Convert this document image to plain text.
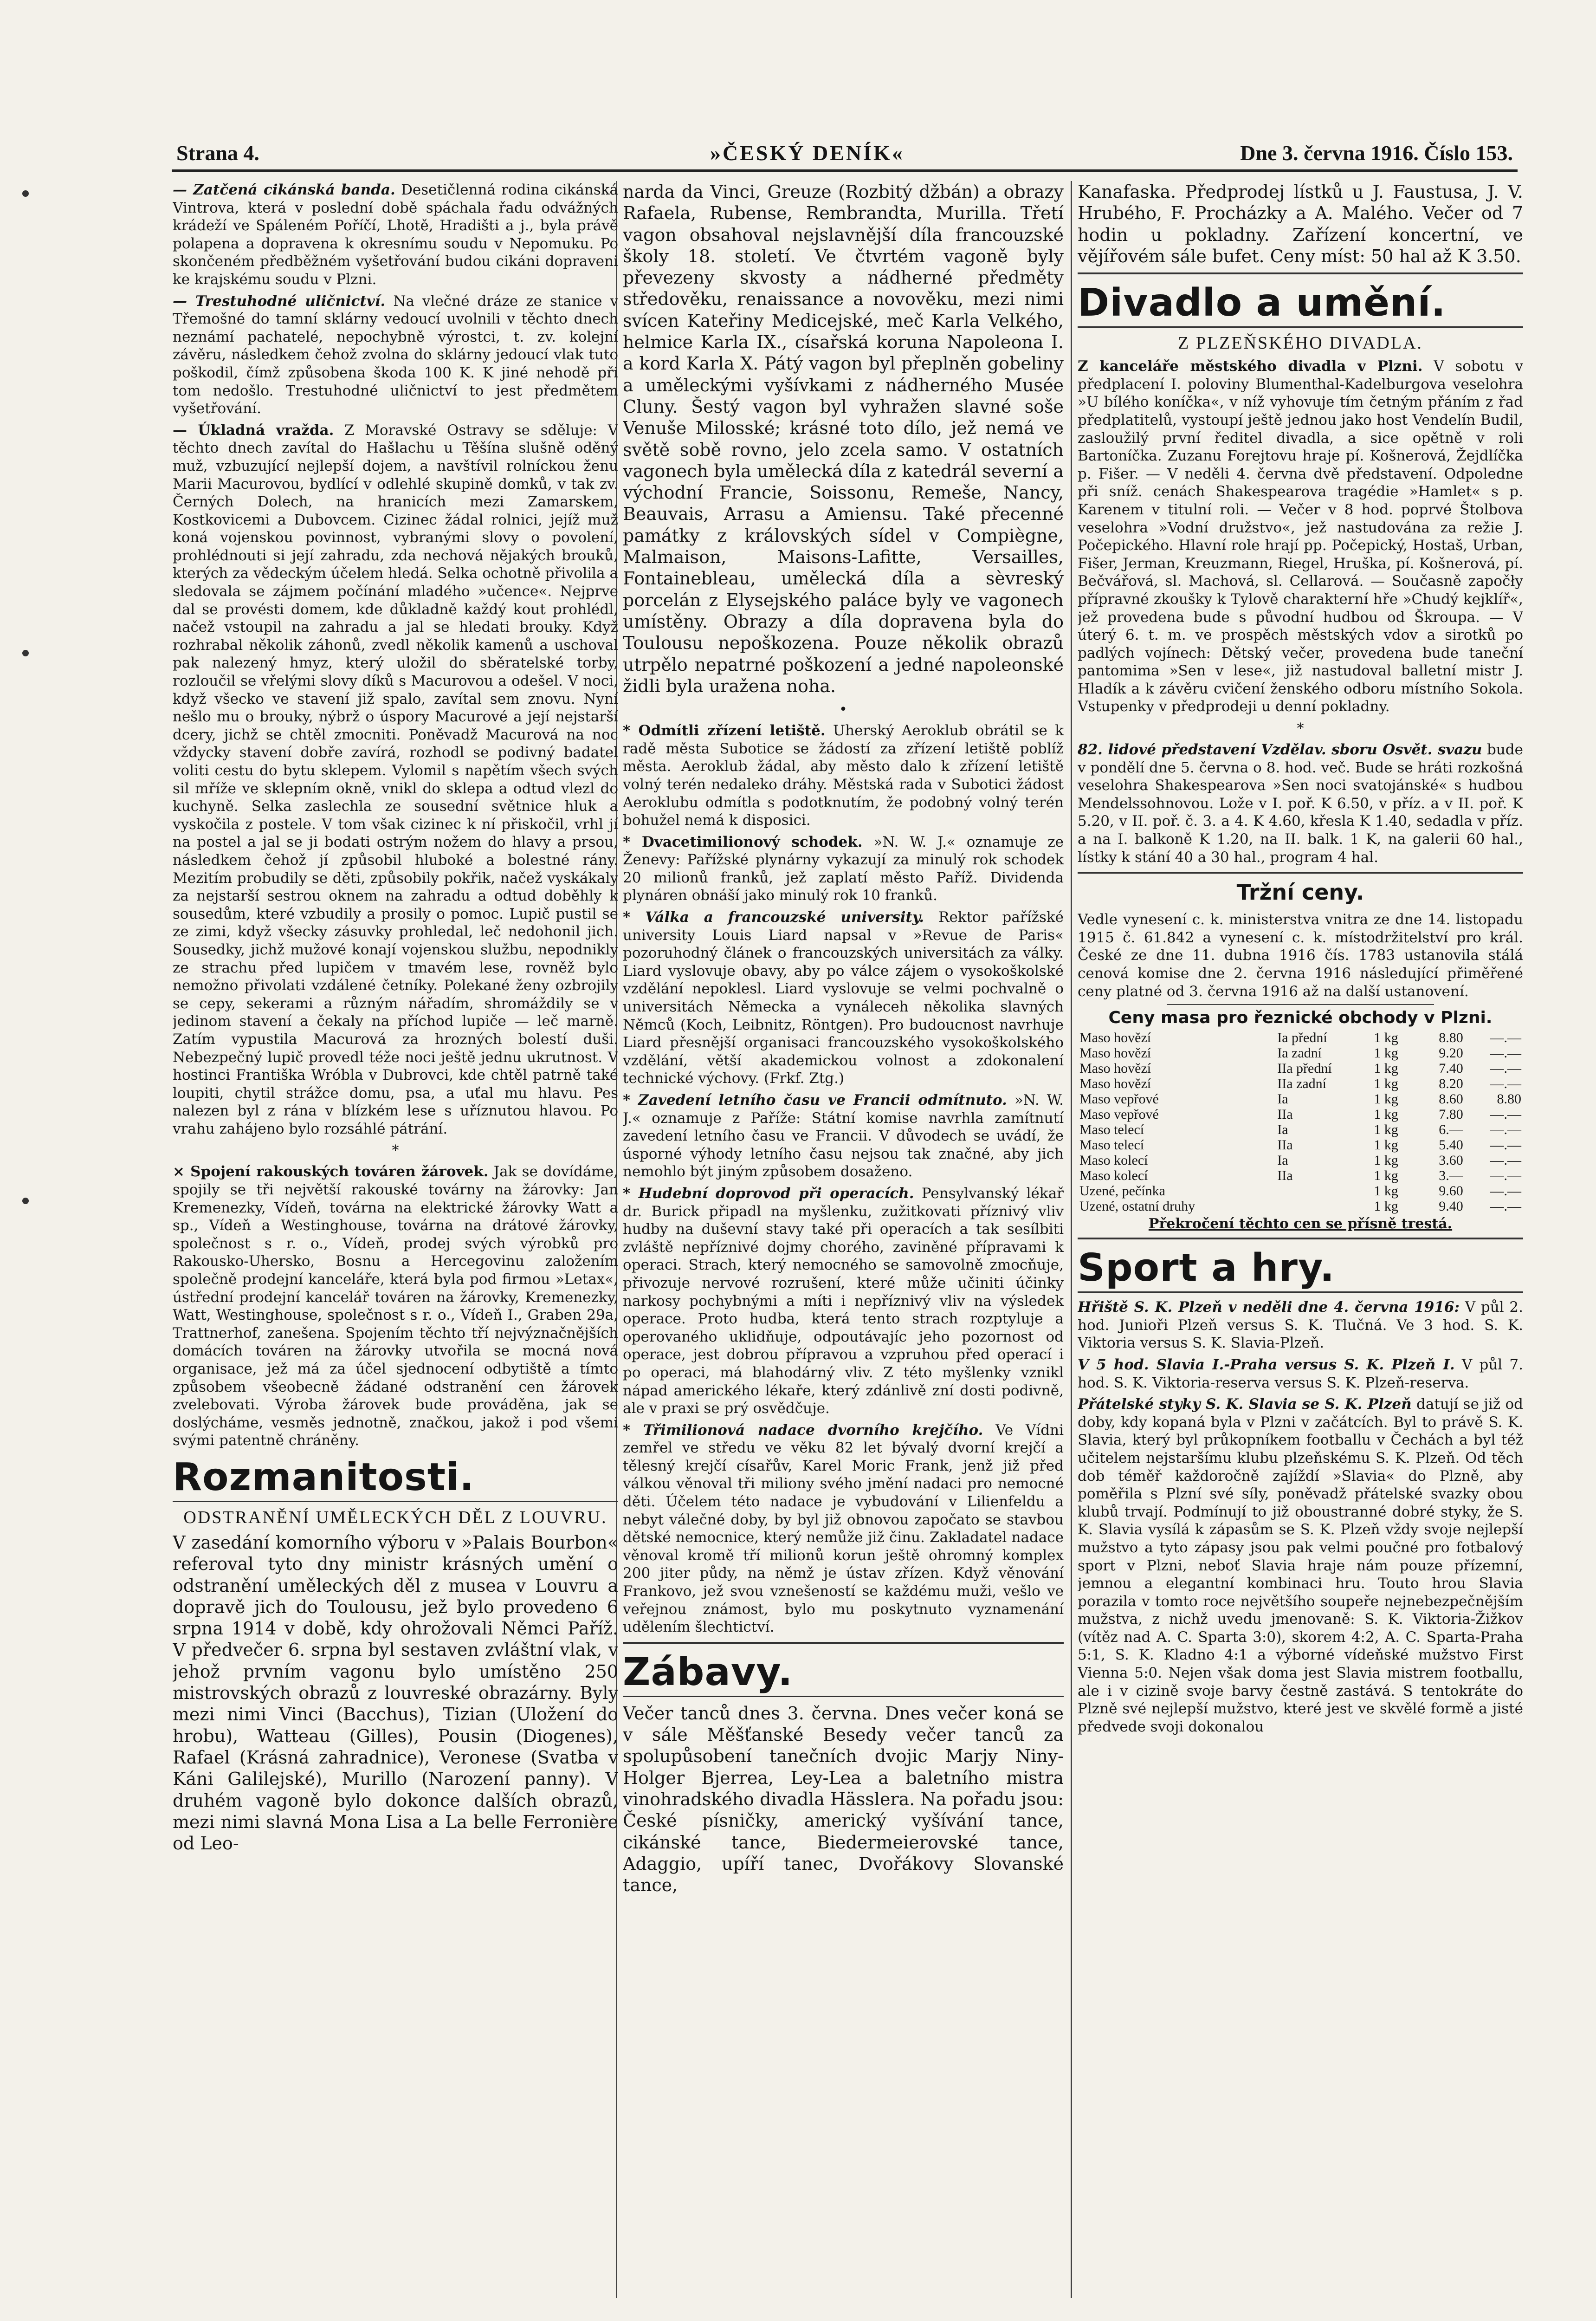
Strana 4.	»ČESKÝ DENÍK«	Dne 3. června 1916. Číslo 153.

— Zatčená cikánská banda. Desetičlenná rodina cikánská Vintrova, která v poslední době spáchala řadu odvážných krádeží ve Spáleném Poříčí, Lhotě, Hradišti a j., byla právě polapena a dopravena k okresnímu soudu v Nepomuku. Po skončeném předběžném vyšetřování budou cikáni dopraveni ke krajskému soudu v Plzni.

— Trestuhodné uličnictví. Na vlečné dráze ze stanice v Třemošné do tamní sklárny vedoucí uvolnili v těchto dnech neznámí pachatelé, nepochybně výrostci, t. zv. kolejní závěru, následkem čehož zvolna do sklárny jedoucí vlak tuto poškodil, čímž způsobena škoda 100 K. K jiné nehodě při tom nedošlo. Trestuhodné uličnictví to jest předmětem vyšetřování.

— Úkladná vražda. Z Moravské Ostravy se sděluje: V těchto dnech zavítal do Hašlachu u Těšína slušně oděný muž, vzbuzující nejlepší dojem, a navštívil rolníckou ženu Marii Macurovou, bydlící v odlehlé skupině domků, v tak zv. Černých Dolech, na hranicích mezi Zamarskem, Kostkovicemi a Dubovcem. Cizinec žádal rolnici, jejíž muž koná vojenskou povinnost, vybranými slovy o povolení, prohlédnouti si její zahradu, zda nechová nějakých brouků, kterých za vědeckým účelem hledá. Selka ochotně přivolila a sledovala se zájmem počínání mladého »učence«. Nejprve dal se provésti domem, kde důkladně každý kout prohlédl, načež vstoupil na zahradu a jal se hledati brouky. Když rozhrabal několik záhonů, zvedl několik kamenů a uschoval pak nalezený hmyz, který uložil do sběratelské torby, rozloučil se vřelými slovy díků s Macurovou a odešel. V noci, když všecko ve stavení již spalo, zavítal sem znovu. Nyní nešlo mu o brouky, nýbrž o úspory Macurové a její nejstarší dcery, jichž se chtěl zmocniti. Poněvadž Macurová na noc vždycky stavení dobře zavírá, rozhodl se podivný badatel voliti cestu do bytu sklepem. Vylomil s napětím všech svých sil mříže ve sklepním okně, vnikl do sklepa a odtud vlezl do kuchyně. Selka zaslechla ze sousední světnice hluk a vyskočila z postele. V tom však cizinec k ní přiskočil, vrhl jí na postel a jal se ji bodati ostrým nožem do hlavy a prsou, následkem čehož jí způsobil hluboké a bolestné rány. Mezitím probudily se děti, způsobily pokřik, načež vyskákaly za nejstarší sestrou oknem na zahradu a odtud doběhly k sousedům, které vzbudily a prosily o pomoc. Lupič pustil se ze zimi, když všecky zásuvky prohledal, leč nedohonil jich. Sousedky, jichž mužové konají vojenskou službu, nepodnikly ze strachu před lupičem v tmavém lese, rovněž bylo nemožno přivolati vzdálené četníky. Polekané ženy ozbrojily se cepy, sekerami a různým nářadím, shromáždily se v jedinom stavení a čekaly na příchod lupiče — leč marně. Zatím vypustila Macurová za hrozných bolestí duši. Nebezpečný lupič provedl téže noci ještě jednu ukrutnost. V hostinci Františka Wróbla v Dubrovci, kde chtěl patrně také loupiti, chytil strážce domu, psa, a uťal mu hlavu. Pes nalezen byl z rána v blízkém lese s uříznutou hlavou. Po vrahu zahájeno bylo rozsáhlé pátrání.

*

× Spojení rakouských továren žárovek. Jak se dovídáme, spojily se tři největší rakouské továrny na žárovky: Jan Kremenezky, Vídeň, továrna na elektrické žárovky Watt a sp., Vídeň a Westinghouse, továrna na drátové žárovky, společnost s r. o., Vídeň, prodej svých výrobků pro Rakousko-Uhersko, Bosnu a Hercegovinu založením společně prodejní kanceláře, která byla pod firmou »Letax«, ústřední prodejní kancelář továren na žárovky, Kremenezky, Watt, Westinghouse, společnost s r. o., Vídeň I., Graben 29a, Trattnerhof, zanešena. Spojením těchto tří nejvýznačnějších domácích továren na žárovky utvořila se mocná nová organisace, jež má za účel sjednocení odbytiště a tímto způsobem všeobecně žádané odstranění cen žárovek zvelebovati. Výroba žárovek bude prováděna, jak se doslýcháme, vesměs jednotně, značkou, jakož i pod všemi svými patentně chráněny.

Rozmanitosti.
ODSTRANĚNÍ UMĚLECKÝCH DĚL Z LOUVRU.

V zasedání komorního výboru v »Palais Bourbon« referoval tyto dny ministr krásných umění o odstranění uměleckých děl z musea v Louvru a dopravě jich do Toulousu, jež bylo provedeno 6 srpna 1914 v době, kdy ohrožovali Němci Paříž. V předvečer 6. srpna byl sestaven zvláštní vlak, v jehož prvním vagonu bylo umístěno 250 mistrovských obrazů z louvreské obrazárny. Byly mezi nimi Vinci (Bacchus), Tizian (Uložení do hrobu), Watteau (Gilles), Pousin (Diogenes), Rafael (Krásná zahradnice), Veronese (Svatba v Káni Galilejské), Murillo (Narození panny). V druhém vagoně bylo dokonce dalších obrazů, mezi nimi slavná Mona Lisa a La belle Ferronière od Leo-

narda da Vinci, Greuze (Rozbitý džbán) a obrazy Rafaela, Rubense, Rembrandta, Murilla. Třetí vagon obsahoval nejslavnější díla francouzské školy 18. století. Ve čtvrtém vagoně byly převezeny skvosty a nádherné předměty středověku, renaissance a novověku, mezi nimi svícen Kateřiny Medicejské, meč Karla Velkého, helmice Karla IX., císařská koruna Napoleona I. a kord Karla X. Pátý vagon byl přeplněn gobeliny a uměleckými vyšívkami z nádherného Musée Cluny. Šestý vagon byl vyhražen slavné soše Venuše Milosské; krásné toto dílo, jež nemá ve světě sobě rovno, jelo zcela samo. V ostatních vagonech byla umělecká díla z katedrál severní a východní Francie, Soissonu, Remeše, Nancy, Beauvais, Arrasu a Amiensu. Také přecenné památky z královských sídel v Compiègne, Malmaison, Maisons-Lafitte, Versailles, Fontainebleau, umělecká díla a sèvreský porcelán z Elysejského paláce byly ve vagonech umístěny. Obrazy a díla dopravena byla do Toulousu nepoškozena. Pouze několik obrazů utrpělo nepatrné poškození a jedné napoleonské židli byla uražena noha.

•

* Odmítli zřízení letiště. Uherský Aeroklub obrátil se k radě města Subotice se žádostí za zřízení letiště poblíž města. Aeroklub žádal, aby město dalo k zřízení letiště volný terén nedaleko dráhy. Městská rada v Subotici žádost Aeroklubu odmítla s podotknutím, že podobný volný terén bohužel nemá k disposici.

* Dvacetimilionový schodek. »N. W. J.« oznamuje ze Ženevy: Pařížské plynárny vykazují za minulý rok schodek 20 milionů franků, jež zaplatí město Paříž. Dividenda plynáren obnáší jako minulý rok 10 franků.

* Válka a francouzské university. Rektor pařížské university Louis Liard napsal v »Revue de Paris« pozoruhodný článek o francouzských universitách za války. Liard vyslovuje obavy, aby po válce zájem o vysokoškolské vzdělání nepoklesl. Liard vyslovuje se velmi pochvalně o universitách Německa a vynáleceh několika slavných Němců (Koch, Leibnitz, Röntgen). Pro budoucnost navrhuje Liard přesnější organisaci francouzského vysokoškolského vzdělání, větší akademickou volnost a zdokonalení technické výchovy. (Frkf. Ztg.)

* Zavedení letního času ve Francii odmítnuto. »N. W. J.« oznamuje z Paříže: Státní komise navrhla zamítnutí zavedení letního času ve Francii. V důvodech se uvádí, že úsporné výhody letního času nejsou tak značné, aby jich nemohlo být jiným způsobem dosaženo.

* Hudební doprovod při operacích. Pensylvanský lékař dr. Burick připadl na myšlenku, zužitkovati příznivý vliv hudby na duševní stavy také při operacích a tak sesílbiti zvláště nepříznivé dojmy chorého, zaviněné přípravami k operaci. Strach, který nemocného se samovolně zmocňuje, přivozuje nervové rozrušení, které může učiniti účinky narkosy pochybnými a míti i nepříznivý vliv na výsledek operace. Proto hudba, která tento strach rozptyluje a operovaného uklidňuje, odpoutávajíc jeho pozornost od operace, jest dobrou přípravou a vzpruhou před operací i po operaci, má blahodárný vliv. Z této myšlenky vznikl nápad amerického lékaře, který zdánlivě zní dosti podivně, ale v praxi se prý osvědčuje.

* Třimilionová nadace dvorního krejčího. Ve Vídni zemřel ve středu ve věku 82 let bývalý dvorní krejčí a tělesný krejčí císařův, Karel Moric Frank, jenž již před válkou věnoval tři miliony svého jmění nadaci pro nemocné děti. Účelem této nadace je vybudování v Lilienfeldu a nebyt válečné doby, by byl již obnovou započato se stavbou dětské nemocnice, který nemůže již činu. Zakladatel nadace věnoval kromě tří milionů korun ještě ohromný komplex 200 jiter půdy, na němž je ústav zřízen. Když věnování Frankovo, jež svou vznešeností se každému muži, vešlo ve veřejnou známost, bylo mu poskytnuto vyznamenání udělením šlechtictví.

Zábavy.

Večer tanců dnes 3. června. Dnes večer koná se v sále Měšťanské Besedy večer tanců za spolupůsobení tanečních dvojic Marjy Niny-Holger Bjerrea, Ley-Lea a baletního mistra vinohradského divadla Hässlera. Na pořadu jsou: České písničky, americký vyšívání tance, cikánské tance, Biedermeierovské tance, Adaggio, upíří tanec, Dvořákovy Slovanské tance,

Kanafaska. Předprodej lístků u J. Faustusa, J. V. Hrubého, F. Procházky a A. Malého. Večer od 7 hodin u pokladny. Zařízení koncertní, ve vějířovém sále bufet. Ceny míst: 50 hal až K 3.50.

Divadlo a umění.
Z PLZEŇSKÉHO DIVADLA.

Z kanceláře městského divadla v Plzni. V sobotu v předplacení I. poloviny Blumenthal-Kadelburgova veselohra »U bílého koníčka«, v níž vyhovuje tím četným přáním z řad předplatitelů, vystoupí ještě jednou jako host Vendelín Budil, zasloužilý první ředitel divadla, a sice opětně v roli Bartoníčka. Zuzanu Forejtovu hraje pí. Košnerová, Žejdlíčka p. Fišer. — V neděli 4. června dvě představení. Odpoledne při sníž. cenách Shakespearova tragédie »Hamlet« s p. Karenem v titulní roli. — Večer v 8 hod. poprvé Štolbova veselohra »Vodní družstvo«, jež nastudována za režie J. Počepického. Hlavní role hrají pp. Počepický, Hostaš, Urban, Fišer, Jerman, Kreuzmann, Riegel, Hruška, pí. Košnerová, pí. Bečvářová, sl. Machová, sl. Cellarová. — Současně započły přípravné zkoušky k Tylově charakterní hře »Chudý kejklíř«, jež provedena bude s původní hudbou od Škroupa. — V úterý 6. t. m. ve prospěch městských vdov a sirotků po padlých vojínech: Dětský večer, provedena bude taneční pantomima »Sen v lese«, již nastudoval balletní mistr J. Hladík a k závěru cvičení ženského odboru místního Sokola. Vstupenky v předprodeji u denní pokladny.

*

82. lidové představení Vzdělav. sboru Osvět. svazu bude v pondělí dne 5. června o 8. hod. več. Bude se hráti rozkošná veselohra Shakespearova »Sen noci svatojánské« s hudbou Mendelssohnovou. Lože v I. poř. K 6.50, v příz. a v II. poř. K 5.20, v II. poř. č. 3. a 4. K 4.60, křesla K 1.40, sedadla v příz. a na I. balkoně K 1.20, na II. balk. 1 K, na galerii 60 hal., lístky k stání 40 a 30 hal., program 4 hal.

Tržní ceny.

Vedle vynesení c. k. ministerstva vnitra ze dne 14. listopadu 1915 č. 61.842 a vynesení c. k. místodržitelství pro král. České ze dne 11. dubna 1916 čís. 1783 ustanovila stálá cenová komise dne 2. června 1916 následující přiměřené ceny platné od 3. června 1916 až na další ustanovení.

Ceny masa pro řeznické obchody v Plzni.
Maso hovězí	Ia přední	1 kg	8.80	—.—
Maso hovězí	Ia zadní	1 kg	9.20	—.—
Maso hovězí	IIa přední	1 kg	7.40	—.—
Maso hovězí	IIa zadní	1 kg	8.20	—.—
Maso vepřové	Ia	1 kg	8.60	8.80
Maso vepřové	IIa	1 kg	7.80	—.—
Maso telecí	Ia	1 kg	6.—	—.—
Maso telecí	IIa	1 kg	5.40	—.—
Maso kolecí	Ia	1 kg	3.60	—.—
Maso kolecí	IIa	1 kg	3.—	—.—
Uzené, pečínka		1 kg	9.60	—.—
Uzené, ostatní druhy		1 kg	9.40	—.—
Překročení těchto cen se přísně trestá.
Sport a hry.

Hřiště S. K. Plzeň v neděli dne 4. června 1916: V půl 2. hod. Junioři Plzeň versus S. K. Tlučná. Ve 3 hod. S. K. Viktoria versus S. K. Slavia-Plzeň.

V 5 hod. Slavia I.-Praha versus S. K. Plzeň I. V půl 7. hod. S. K. Viktoria-reserva versus S. K. Plzeň-reserva.

Přátelské styky S. K. Slavia se S. K. Plzeň datují se již od doby, kdy kopaná byla v Plzni v začátcích. Byl to právě S. K. Slavia, který byl průkopníkem footballu v Čechách a byl též učitelem nejstaršímu klubu plzeňskému S. K. Plzeň. Od těch dob téměř každoročně zajíždí »Slavia« do Plzně, aby poměřila s Plzní své síly, poněvadž přátelské svazky obou klubů trvají. Podmínují to již oboustranné dobré styky, že S. K. Slavia vysílá k zápasům se S. K. Plzeň vždy svoje nejlepší mužstvo a tyto zápasy jsou pak velmi poučné pro fotbalový sport v Plzni, neboť Slavia hraje nám pouze přízemní, jemnou a elegantní kombinaci hru. Touto hrou Slavia porazila v tomto roce největšího soupeře nejnebezpečnějším mužstva, z nichž uvedu jmenovaně: S. K. Viktoria-Žižkov (vítěz nad A. C. Sparta 3:0), skorem 4:2, A. C. Sparta-Praha 5:1, S. K. Kladno 4:1 a výborné vídeňské mužstvo First Vienna 5:0. Nejen však doma jest Slavia mistrem footballu, ale i v cizině svoje barvy čestně zastává. S tentokráte do Plzně své nejlepší mužstvo, které jest ve skvělé formě a jisté předvede svoji dokonalou
